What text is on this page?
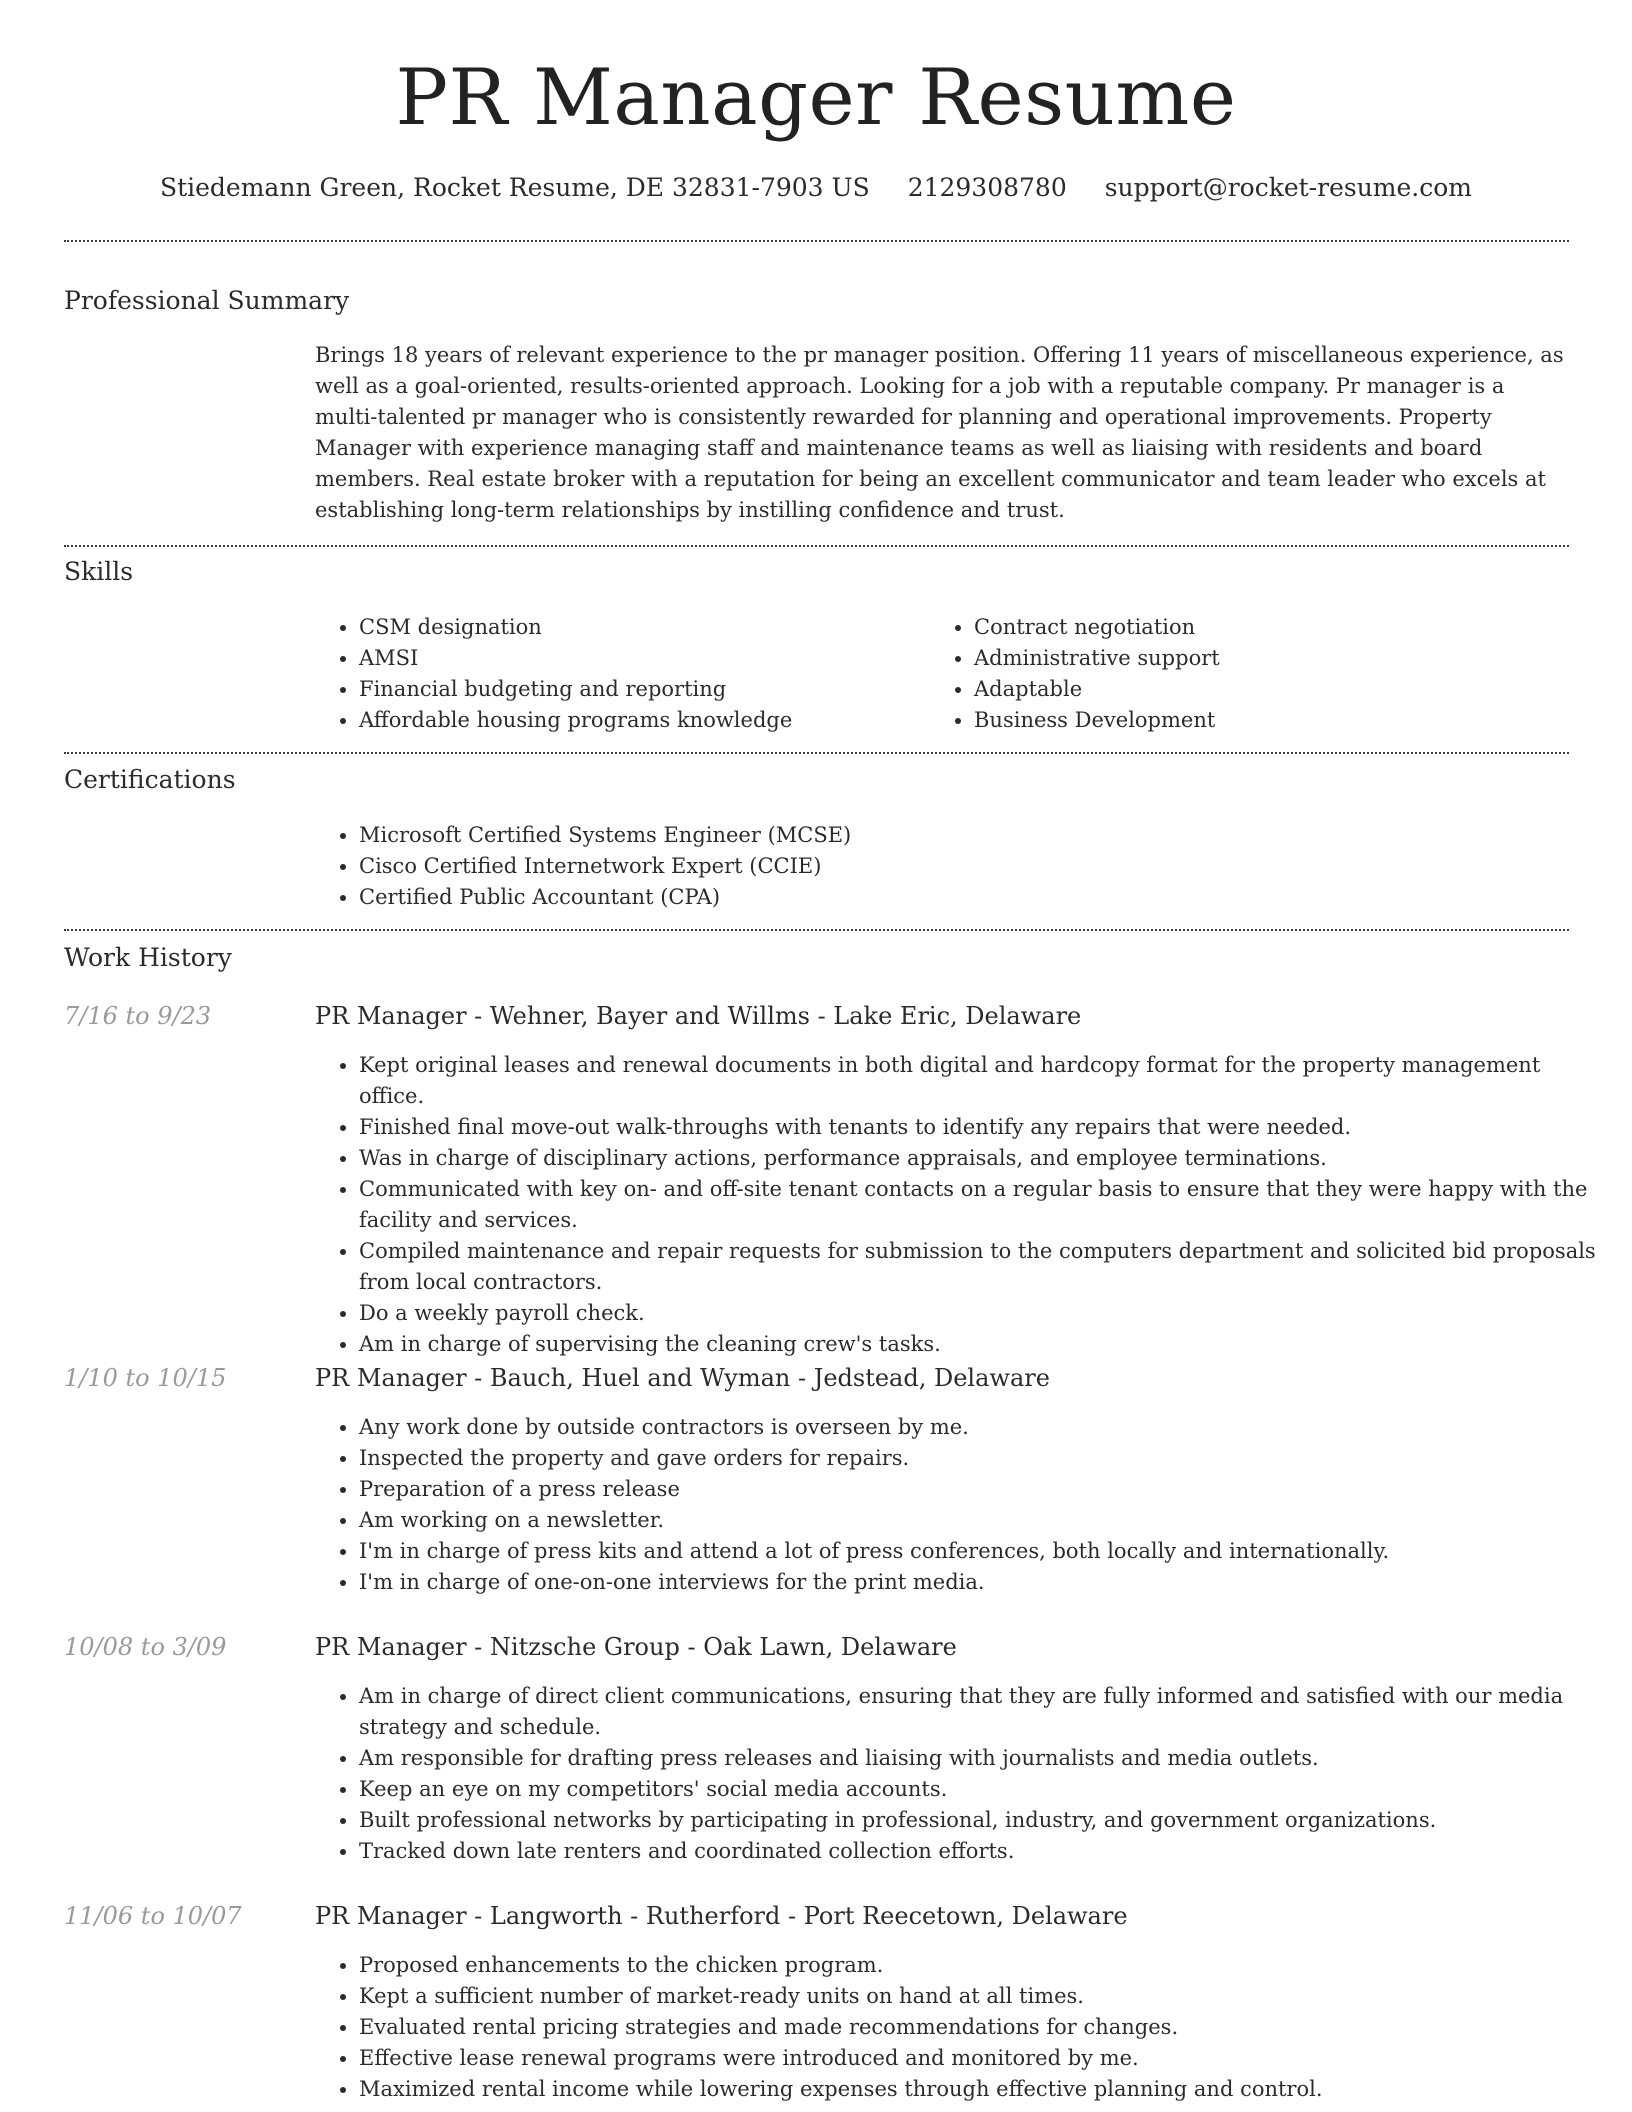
PR Manager Resume
Stiedemann Green, Rocket Resume, DE 32831-7903 US 2129308780 support@rocket-resume.com
Professional Summary

Brings 18 years of relevant experience to the pr manager position. Offering 11 years of miscellaneous experience, as well as a goal-oriented, results-oriented approach. Looking for a job with a reputable company. Pr manager is a multi-talented pr manager who is consistently rewarded for planning and operational improvements. Property Manager with experience managing staff and maintenance teams as well as liaising with residents and board members. Real estate broker with a reputation for being an excellent communicator and team leader who excels at establishing long-term relationships by instilling confidence and trust.

Skills
• CSM designation
• AMSI
• Financial budgeting and reporting
• Affordable housing programs knowledge
• Contract negotiation
• Administrative support
• Adaptable
• Business Development
Certifications
• Microsoft Certified Systems Engineer (MCSE)
• Cisco Certified Internetwork Expert (CCIE)
• Certified Public Accountant (CPA)
Work History
7/16 to 9/23	PR Manager - Wehner, Bayer and Willms - Lake Eric, Delaware
• Kept original leases and renewal documents in both digital and hardcopy format for the property management office.
• Finished final move-out walk-throughs with tenants to identify any repairs that were needed.
• Was in charge of disciplinary actions, performance appraisals, and employee terminations.
• Communicated with key on- and off-site tenant contacts on a regular basis to ensure that they were happy with the facility and services.
• Compiled maintenance and repair requests for submission to the computers department and solicited bid proposals from local contractors.
• Do a weekly payroll check.
• Am in charge of supervising the cleaning crew's tasks.
1/10 to 10/15	PR Manager - Bauch, Huel and Wyman - Jedstead, Delaware
• Any work done by outside contractors is overseen by me.
• Inspected the property and gave orders for repairs.
• Preparation of a press release
• Am working on a newsletter.
• I'm in charge of press kits and attend a lot of press conferences, both locally and internationally.
• I'm in charge of one-on-one interviews for the print media.
10/08 to 3/09	PR Manager - Nitzsche Group - Oak Lawn, Delaware
• Am in charge of direct client communications, ensuring that they are fully informed and satisfied with our media strategy and schedule.
• Am responsible for drafting press releases and liaising with journalists and media outlets.
• Keep an eye on my competitors' social media accounts.
• Built professional networks by participating in professional, industry, and government organizations.
• Tracked down late renters and coordinated collection efforts.
11/06 to 10/07	PR Manager - Langworth - Rutherford - Port Reecetown, Delaware
• Proposed enhancements to the chicken program.
• Kept a sufficient number of market-ready units on hand at all times.
• Evaluated rental pricing strategies and made recommendations for changes.
• Effective lease renewal programs were introduced and monitored by me.
• Maximized rental income while lowering expenses through effective planning and control.
